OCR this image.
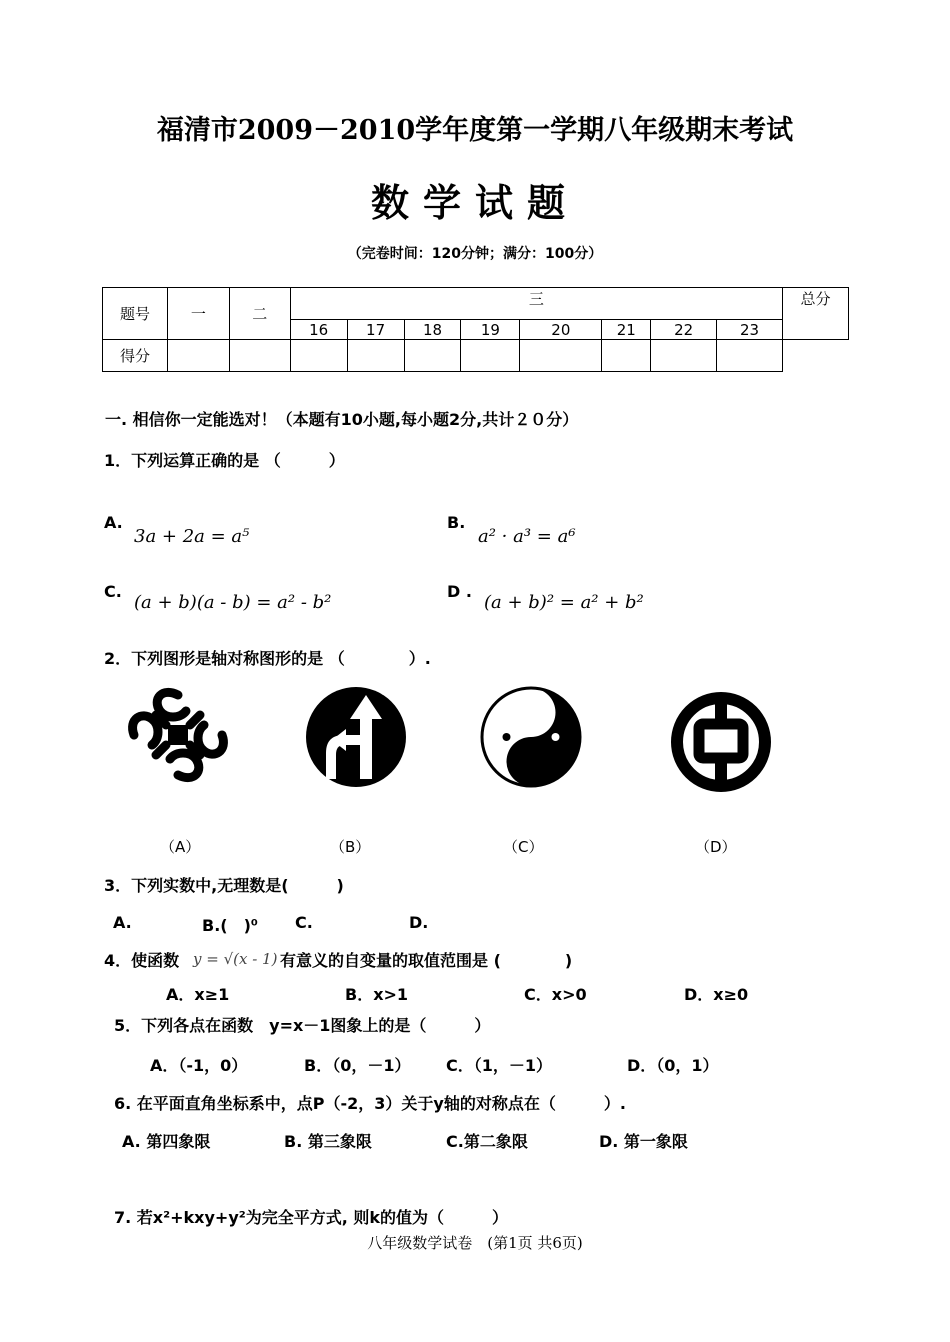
福清市2009－2010学年度第一学期八年级期末考试
数学试题
（完卷时间：120分钟；满分：100分）
题号	一	二	三								总分
			16	17	18	19	20	21	22	23	
得分											
一. 相信你一定能选对！（本题有10小题,每小题2分,共计２０分）
1．下列运算正确的是 （　　　）
A.
3a + 2a = a⁵
B.
a² · a³ = a⁶
C.
(a + b)(a - b) = a² - b²
D .
(a + b)² = a² + b²
2．下列图形是轴对称图形的是 （　　　　）.
（A）	（B）	（C）	（D）
3．下列实数中,无理数是(　　　)
A.	B.(　)⁰ C.	D.
4．使函数 y = √(x - 1) 有意义的自变量的取值范围是 (　　　　)
A．x≥1	B．x>1	C．x>0	D．x≥0
5．下列各点在函数　y=x－1图象上的是（　　　）
A．（-1，0）	B．（0，－1） C．（1，－1）	D．（0，1）
6. 在平面直角坐标系中，点P（-2，3）关于y轴的对称点在（　　　）.
A. 第四象限	B. 第三象限	C.第二象限	D. 第一象限
7. 若x²+kxy+y²为完全平方式, 则k的值为（　　　）
八年级数学试卷　(第1页 共6页)
